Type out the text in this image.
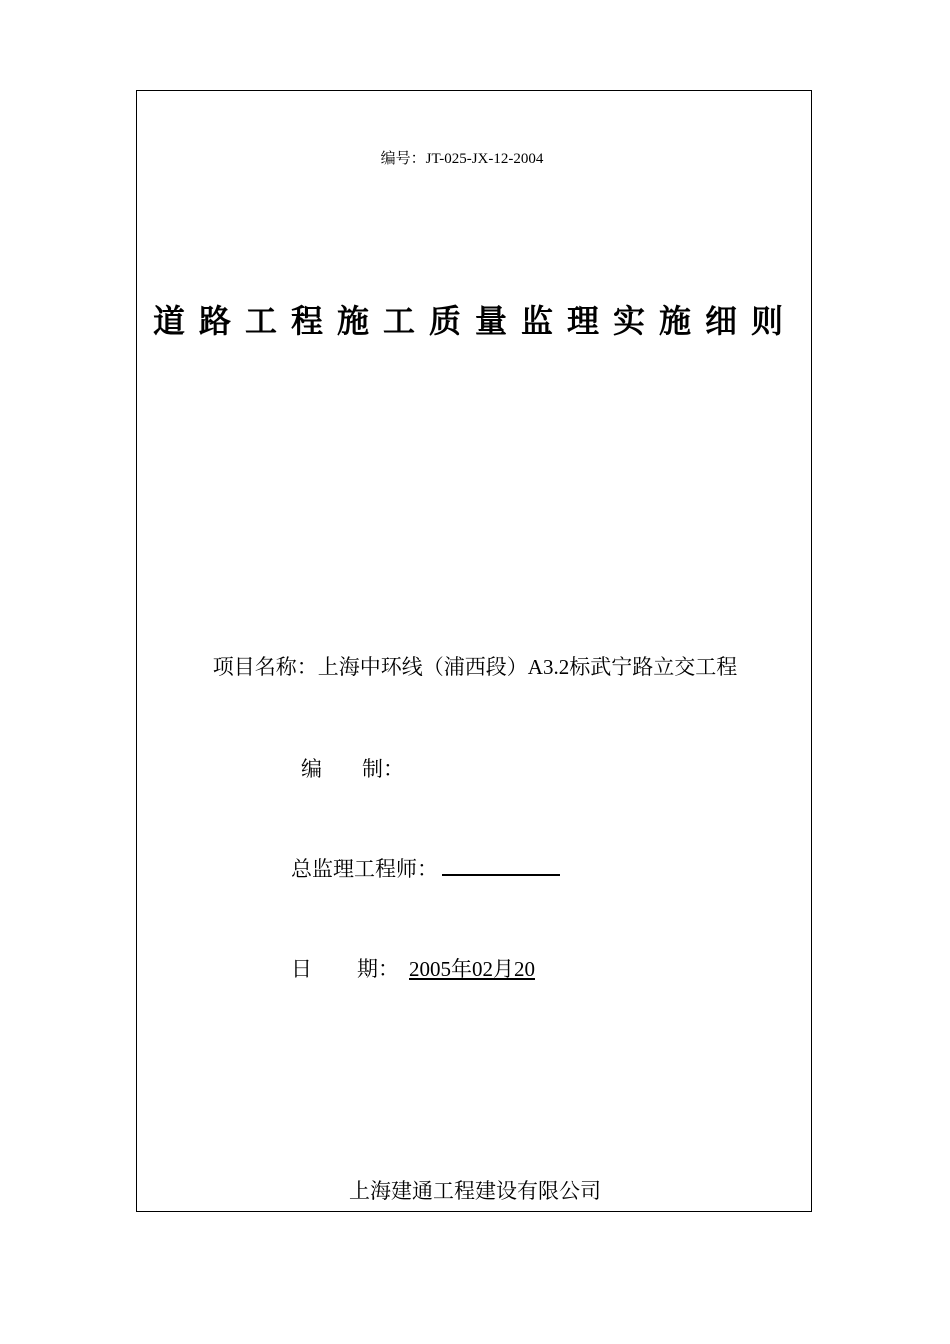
编号：JT-025-JX-12-2004
道路工程施工质量监理实施细则
项目名称：上海中环线（浦西段）A3.2标武宁路立交工程
编 制：
总监理工程师：
日 期： 2005年02月20
上海建通工程建设有限公司
